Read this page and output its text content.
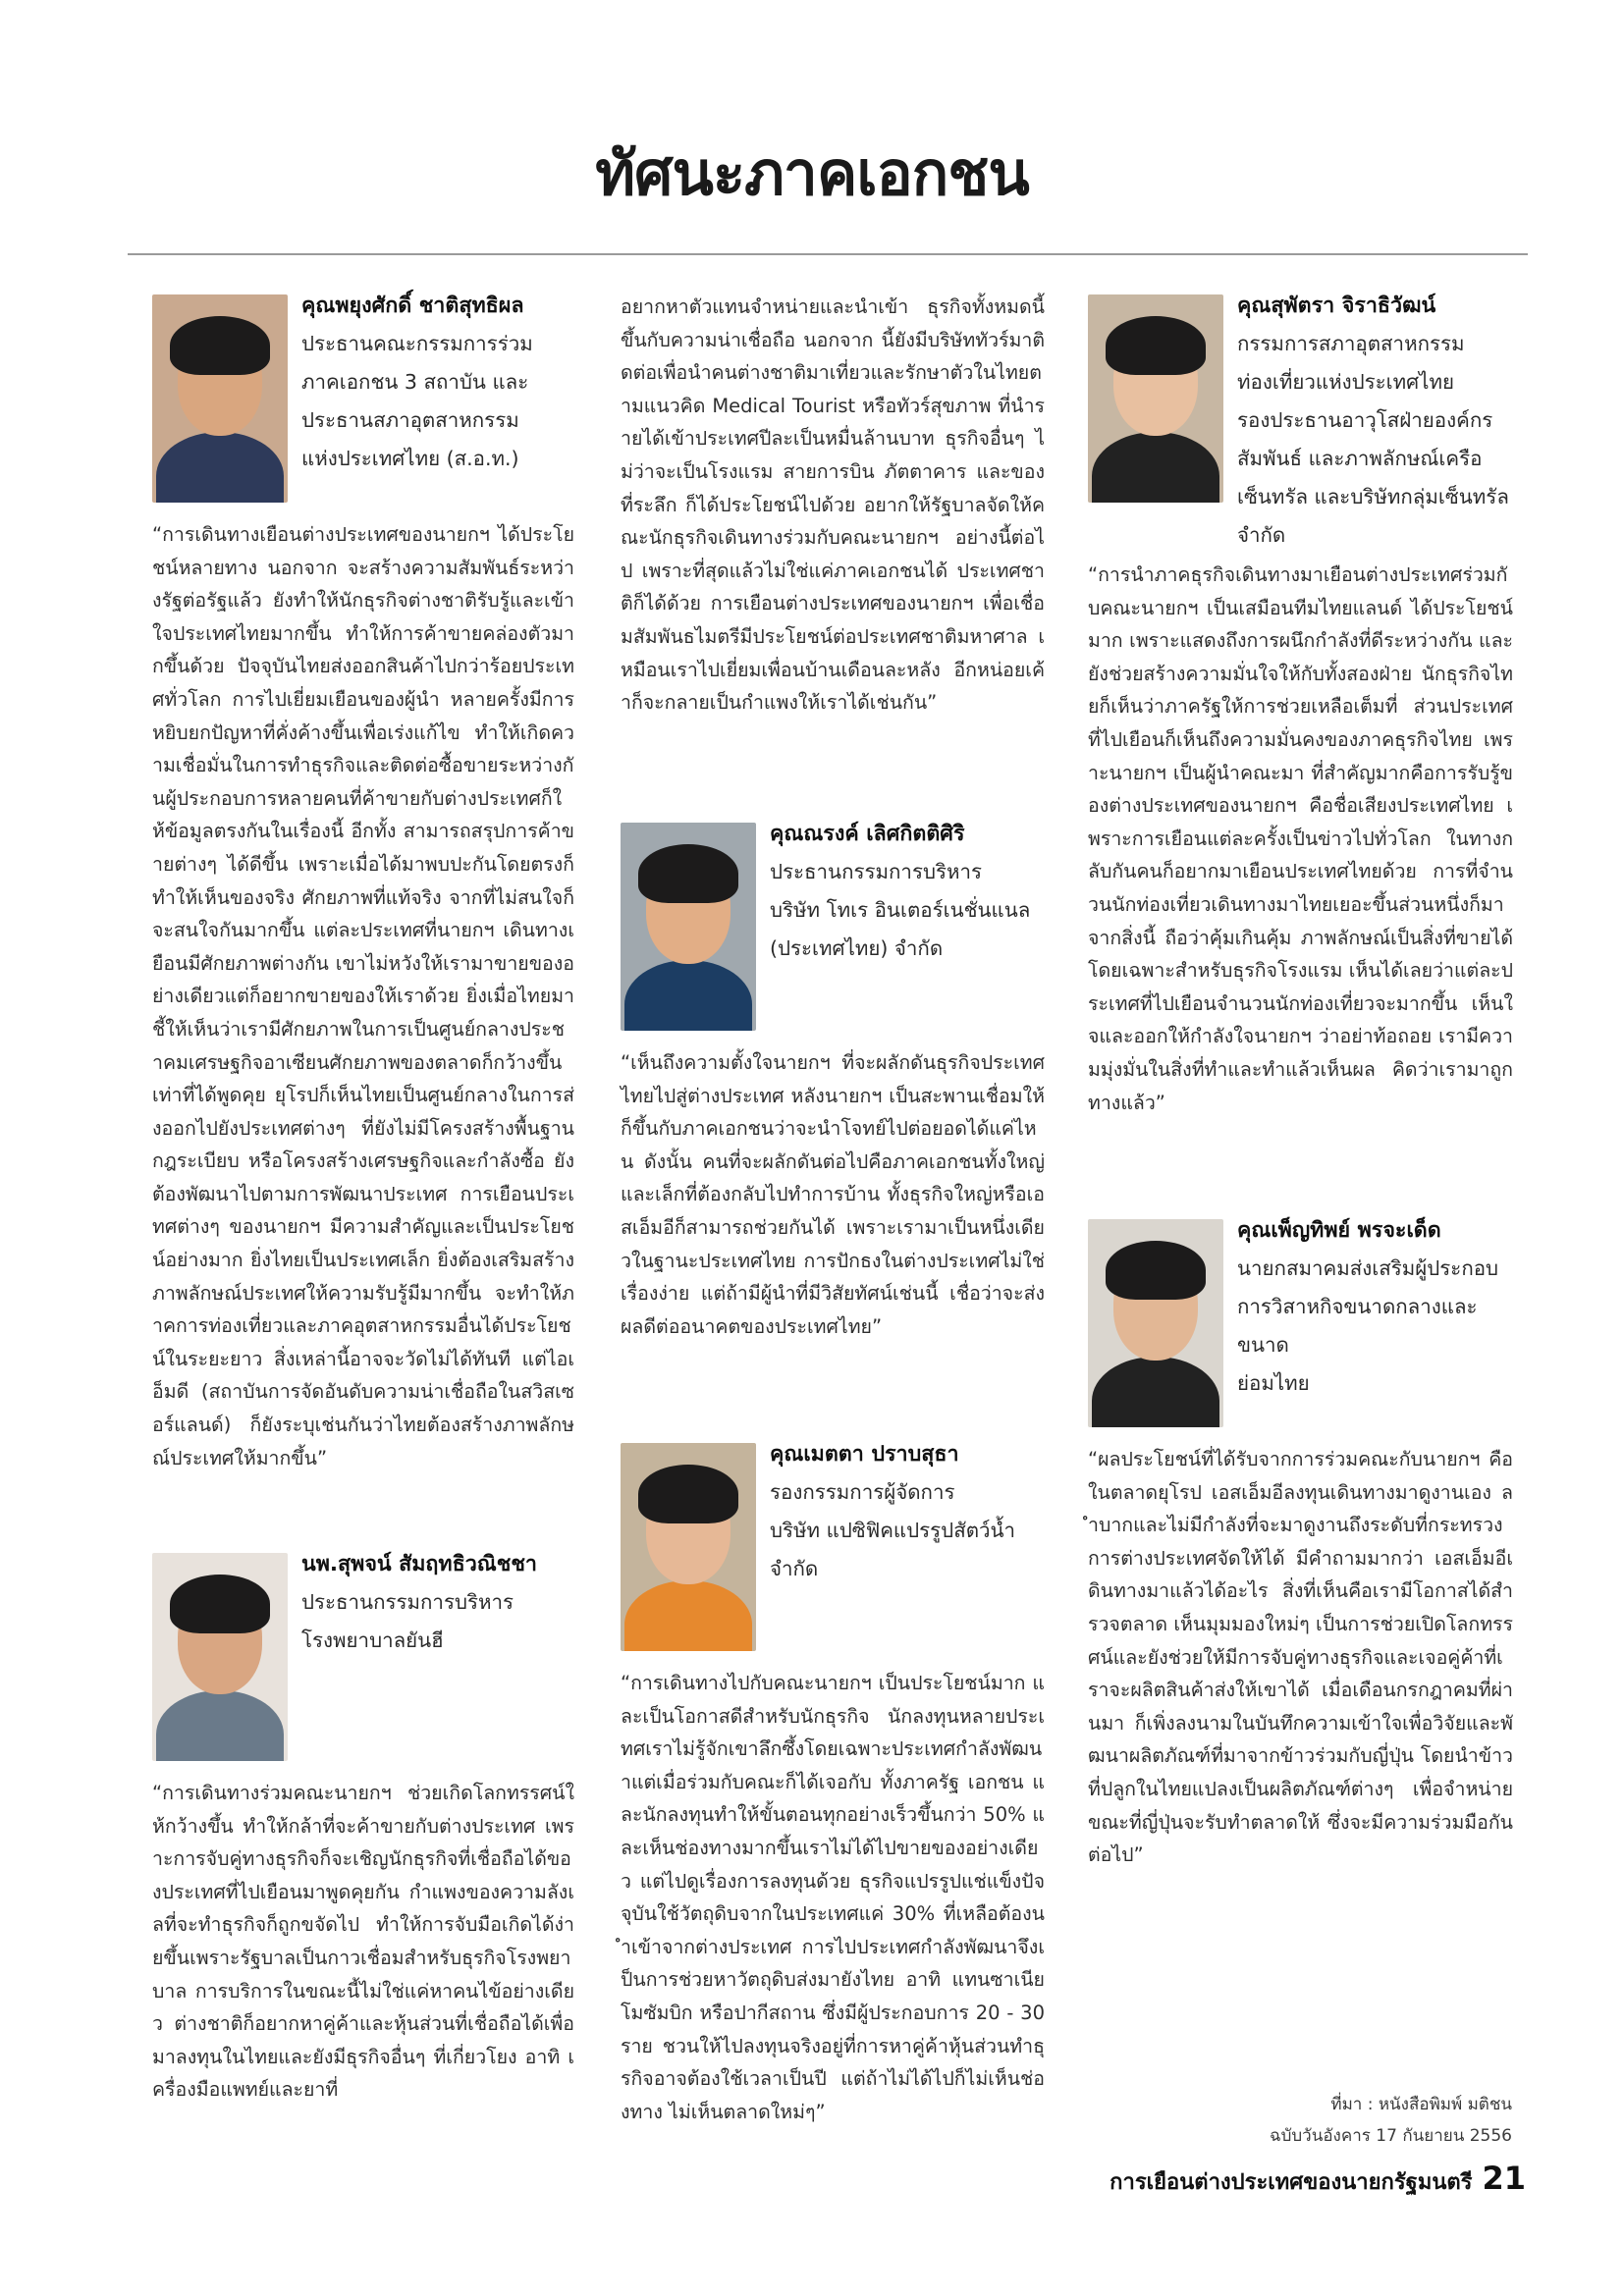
ทัศนะภาคเอกชน
คุณพยุงศักดิ์ ชาติสุทธิผล
ประธานคณะกรรมการร่วม
ภาคเอกชน 3 สถาบัน และ
ประธานสภาอุตสาหกรรม
แห่งประเทศไทย (ส.อ.ท.)
“การเดินทางเยือนต่างประเทศของนายกฯ ได้ประโยชน์หลายทาง นอกจาก จะสร้างความสัมพันธ์ระหว่างรัฐต่อรัฐแล้ว ยังทำให้นักธุรกิจต่างชาติรับรู้และเข้าใจประเทศไทยมากขึ้น ทำให้การค้าขายคล่องตัวมากขึ้นด้วย ปัจจุบันไทยส่งออกสินค้าไปกว่าร้อยประเทศทั่วโลก การไปเยี่ยมเยือนของผู้นำ หลายครั้งมีการหยิบยกปัญหาที่คั่งค้างขึ้นเพื่อเร่งแก้ไข ทำให้เกิดความเชื่อมั่นในการทำธุรกิจและติดต่อซื้อขายระหว่างกันผู้ประกอบการหลายคนที่ค้าขายกับต่างประเทศก็ให้ข้อมูลตรงกันในเรื่องนี้ อีกทั้ง สามารถสรุปการค้าขายต่างๆ ได้ดีขึ้น เพราะเมื่อได้มาพบปะกันโดยตรงก็ทำให้เห็นของจริง ศักยภาพที่แท้จริง จากที่ไม่สนใจก็จะสนใจกันมากขึ้น แต่ละประเทศที่นายกฯ เดินทางเยือนมีศักยภาพต่างกัน เขาไม่หวังให้เรามาขายของอย่างเดียวแต่ก็อยากขายของให้เราด้วย ยิ่งเมื่อไทยมาชี้ให้เห็นว่าเรามีศักยภาพในการเป็นศูนย์กลางประชาคมเศรษฐกิจอาเซียนศักยภาพของตลาดก็กว้างขึ้น เท่าที่ได้พูดคุย ยุโรปก็เห็นไทยเป็นศูนย์กลางในการส่งออกไปยังประเทศต่างๆ ที่ยังไม่มีโครงสร้างพื้นฐาน กฎระเบียบ หรือโครงสร้างเศรษฐกิจและกำลังซื้อ ยังต้องพัฒนาไปตามการพัฒนาประเทศ การเยือนประเทศต่างๆ ของนายกฯ มีความสำคัญและเป็นประโยชน์อย่างมาก ยิ่งไทยเป็นประเทศเล็ก ยิ่งต้องเสริมสร้างภาพลักษณ์ประเทศให้ความรับรู้มีมากขึ้น จะทำให้ภาคการท่องเที่ยวและภาคอุตสาหกรรมอื่นได้ประโยชน์ในระยะยาว สิ่งเหล่านี้อาจจะวัดไม่ได้ทันที แต่ไอเอ็มดี (สถาบันการจัดอันดับความน่าเชื่อถือในสวิสเซอร์แลนด์) ก็ยังระบุเช่นกันว่าไทยต้องสร้างภาพลักษณ์ประเทศให้มากขึ้น”
นพ.สุพจน์ สัมฤทธิวณิชชา
ประธานกรรมการบริหาร
โรงพยาบาลยันฮี
“การเดินทางร่วมคณะนายกฯ ช่วยเกิดโลกทรรศน์ให้กว้างขึ้น ทำให้กล้าที่จะค้าขายกับต่างประเทศ เพราะการจับคู่ทางธุรกิจก็จะเชิญนักธุรกิจที่เชื่อถือได้ของประเทศที่ไปเยือนมาพูดคุยกัน กำแพงของความลังเลที่จะทำธุรกิจก็ถูกขจัดไป ทำให้การจับมือเกิดได้ง่ายขึ้นเพราะรัฐบาลเป็นกาวเชื่อมสำหรับธุรกิจโรงพยาบาล การบริการในขณะนี้ไม่ใช่แค่หาคนไข้อย่างเดียว ต่างชาติก็อยากหาคู่ค้าและหุ้นส่วนที่เชื่อถือได้เพื่อมาลงทุนในไทยและยังมีธุรกิจอื่นๆ ที่เกี่ยวโยง อาทิ เครื่องมือแพทย์และยาที่
อยากหาตัวแทนจำหน่ายและนำเข้า ธุรกิจทั้งหมดนี้ขึ้นกับความน่าเชื่อถือ นอกจาก นี้ยังมีบริษัททัวร์มาติดต่อเพื่อนำคนต่างชาติมาเที่ยวและรักษาตัวในไทยตามแนวคิด Medical Tourist หรือทัวร์สุขภาพ ที่นำรายได้เข้าประเทศปีละเป็นหมื่นล้านบาท ธุรกิจอื่นๆ ไม่ว่าจะเป็นโรงแรม สายการบิน ภัตตาคาร และของที่ระลึก ก็ได้ประโยชน์ไปด้วย อยากให้รัฐบาลจัดให้คณะนักธุรกิจเดินทางร่วมกับคณะนายกฯ อย่างนี้ต่อไป เพราะที่สุดแล้วไม่ใช่แค่ภาคเอกชนได้ ประเทศชาติก็ได้ด้วย การเยือนต่างประเทศของนายกฯ เพื่อเชื่อมสัมพันธไมตรีมีประโยชน์ต่อประเทศชาติมหาศาล เหมือนเราไปเยี่ยมเพื่อนบ้านเดือนละหลัง อีกหน่อยเค้าก็จะกลายเป็นกำแพงให้เราได้เช่นกัน”
คุณณรงค์ เลิศกิตติศิริ
ประธานกรรมการบริหาร
บริษัท โทเร อินเตอร์เนชั่นแนล
(ประเทศไทย) จำกัด
“เห็นถึงความตั้งใจนายกฯ ที่จะผลักดันธุรกิจประเทศไทยไปสู่ต่างประเทศ หลังนายกฯ เป็นสะพานเชื่อมให้ก็ขึ้นกับภาคเอกชนว่าจะนำโจทย์ไปต่อยอดได้แค่ไหน ดังนั้น คนที่จะผลักดันต่อไปคือภาคเอกชนทั้งใหญ่และเล็กที่ต้องกลับไปทำการบ้าน ทั้งธุรกิจใหญ่หรือเอสเอ็มอีก็สามารถช่วยกันได้ เพราะเรามาเป็นหนึ่งเดียวในฐานะประเทศไทย การปักธงในต่างประเทศไม่ใช่เรื่องง่าย แต่ถ้ามีผู้นำที่มีวิสัยทัศน์เช่นนี้ เชื่อว่าจะส่งผลดีต่ออนาคตของประเทศไทย”
คุณเมตตา ปราบสุธา
รองกรรมการผู้จัดการ
บริษัท แปซิฟิคแปรรูปสัตว์น้ำ
จำกัด
“การเดินทางไปกับคณะนายกฯ เป็นประโยชน์มาก และเป็นโอกาสดีสำหรับนักธุรกิจ นักลงทุนหลายประเทศเราไม่รู้จักเขาลึกซึ้งโดยเฉพาะประเทศกำลังพัฒนาแต่เมื่อร่วมกับคณะก็ได้เจอกับ ทั้งภาครัฐ เอกชน และนักลงทุนทำให้ขั้นตอนทุกอย่างเร็วขึ้นกว่า 50% และเห็นช่องทางมากขึ้นเราไม่ได้ไปขายของอย่างเดียว แต่ไปดูเรื่องการลงทุนด้วย ธุรกิจแปรรูปแช่แข็งปัจจุบันใช้วัตถุดิบจากในประเทศแค่ 30% ที่เหลือต้องนำเข้าจากต่างประเทศ การไปประเทศกำลังพัฒนาจึงเป็นการช่วยหาวัตถุดิบส่งมายังไทย อาทิ แทนซาเนีย โมซัมบิก หรือปากีสถาน ซึ่งมีผู้ประกอบการ 20 - 30 ราย ชวนให้ไปลงทุนจริงอยู่ที่การหาคู่ค้าหุ้นส่วนทำธุรกิจอาจต้องใช้เวลาเป็นปี แต่ถ้าไม่ได้ไปก็ไม่เห็นช่องทาง ไม่เห็นตลาดใหม่ๆ”
คุณสุพัตรา จิราธิวัฒน์
กรรมการสภาอุตสาหกรรม
ท่องเที่ยวแห่งประเทศไทย
รองประธานอาวุโสฝ่ายองค์กร
สัมพันธ์ และภาพลักษณ์เครือ
เซ็นทรัล และบริษัทกลุ่มเซ็นทรัล
จำกัด
“การนำภาคธุรกิจเดินทางมาเยือนต่างประเทศร่วมกับคณะนายกฯ เป็นเสมือนทีมไทยแลนด์ ได้ประโยชน์มาก เพราะแสดงถึงการผนึกกำลังที่ดีระหว่างกัน และยังช่วยสร้างความมั่นใจให้กับทั้งสองฝ่าย นักธุรกิจไทยก็เห็นว่าภาครัฐให้การช่วยเหลือเต็มที่ ส่วนประเทศที่ไปเยือนก็เห็นถึงความมั่นคงของภาคธุรกิจไทย เพราะนายกฯ เป็นผู้นำคณะมา ที่สำคัญมากคือการรับรู้ของต่างประเทศของนายกฯ คือชื่อเสียงประเทศไทย เพราะการเยือนแต่ละครั้งเป็นข่าวไปทั่วโลก ในทางกลับกันคนก็อยากมาเยือนประเทศไทยด้วย การที่จำนวนนักท่องเที่ยวเดินทางมาไทยเยอะขึ้นส่วนหนึ่งก็มาจากสิ่งนี้ ถือว่าคุ้มเกินคุ้ม ภาพลักษณ์เป็นสิ่งที่ขายได้โดยเฉพาะสำหรับธุรกิจโรงแรม เห็นได้เลยว่าแต่ละประเทศที่ไปเยือนจำนวนนักท่องเที่ยวจะมากขึ้น เห็นใจและออกให้กำลังใจนายกฯ ว่าอย่าท้อถอย เรามีความมุ่งมั่นในสิ่งที่ทำและทำแล้วเห็นผล คิดว่าเรามาถูกทางแล้ว”
คุณเพ็ญทิพย์ พรจะเด็ด
นายกสมาคมส่งเสริมผู้ประกอบ
การวิสาหกิจขนาดกลางและขนาด
ย่อมไทย
“ผลประโยชน์ที่ได้รับจากการร่วมคณะกับนายกฯ คือ ในตลาดยุโรป เอสเอ็มอีลงทุนเดินทางมาดูงานเอง ลำบากและไม่มีกำลังที่จะมาดูงานถึงระดับที่กระทรวงการต่างประเทศจัดให้ได้ มีคำถามมากว่า เอสเอ็มอีเดินทางมาแล้วได้อะไร สิ่งที่เห็นคือเรามีโอกาสได้สำรวจตลาด เห็นมุมมองใหม่ๆ เป็นการช่วยเปิดโลกทรรศน์และยังช่วยให้มีการจับคู่ทางธุรกิจและเจอคู่ค้าที่เราจะผลิตสินค้าส่งให้เขาได้ เมื่อเดือนกรกฎาคมที่ผ่านมา ก็เพิ่งลงนามในบันทึกความเข้าใจเพื่อวิจัยและพัฒนาผลิตภัณฑ์ที่มาจากข้าวร่วมกับญี่ปุ่น โดยนำข้าวที่ปลูกในไทยแปลงเป็นผลิตภัณฑ์ต่างๆ เพื่อจำหน่าย ขณะที่ญี่ปุ่นจะรับทำตลาดให้ ซึ่งจะมีความร่วมมือกันต่อไป”
ที่มา : หนังสือพิมพ์ มติชน
ฉบับวันอังคาร 17 กันยายน 2556
การเยือนต่างประเทศของนายกรัฐมนตรี 21
